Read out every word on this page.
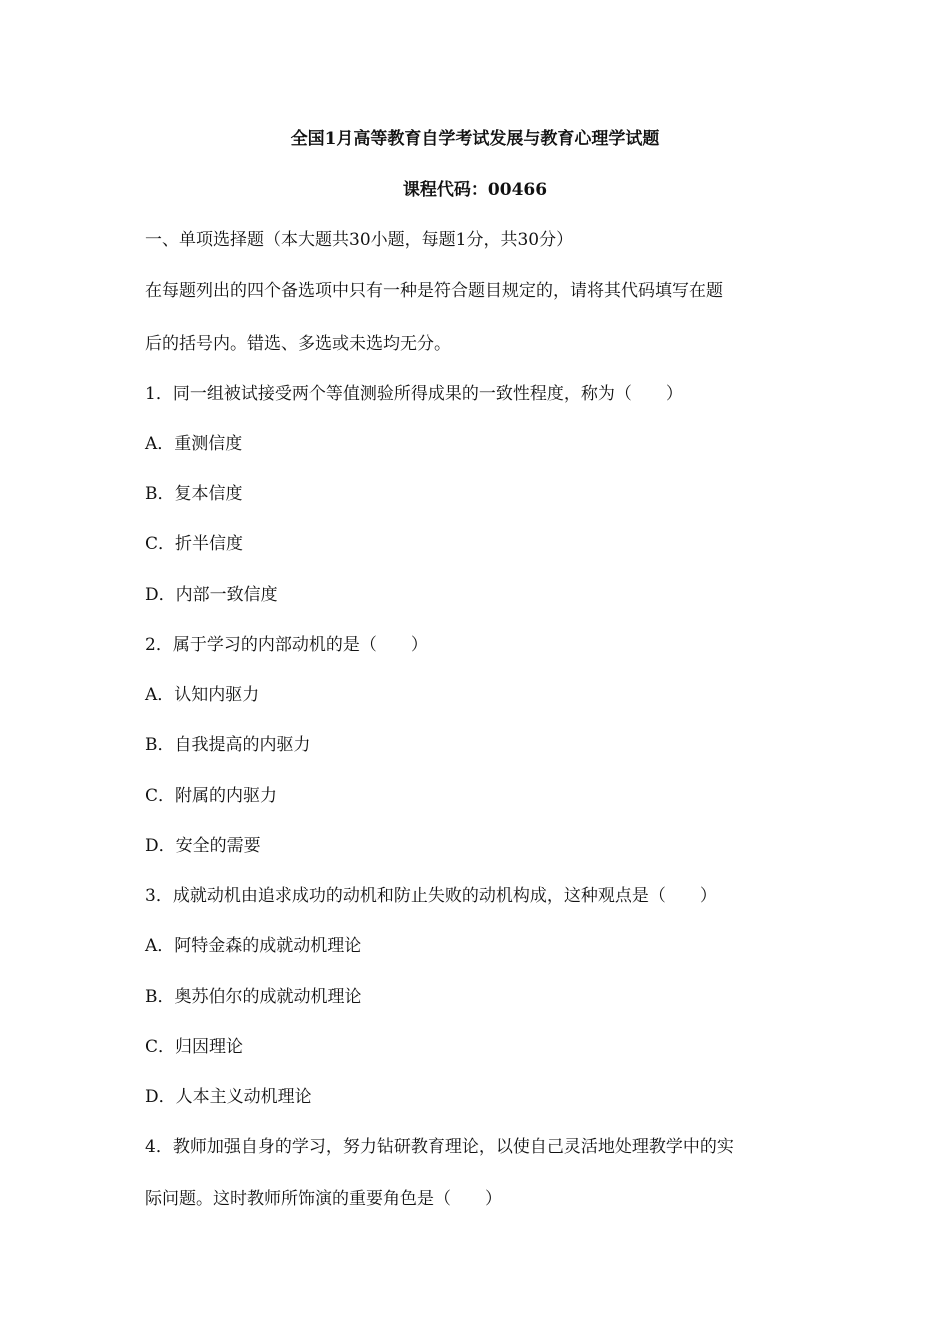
全国1月高等教育自学考试发展与教育心理学试题
课程代码：00466
一、单项选择题（本大题共30小题，每题1分，共30分）
在每题列出的四个备选项中只有一种是符合题目规定的，请将其代码填写在题
后的括号内。错选、多选或未选均无分。
1．同一组被试接受两个等值测验所得成果的一致性程度，称为（　　）
A．重测信度
B．复本信度
C．折半信度
D．内部一致信度
2．属于学习的内部动机的是（　　）
A．认知内驱力
B．自我提高的内驱力
C．附属的内驱力
D．安全的需要
3．成就动机由追求成功的动机和防止失败的动机构成，这种观点是（　　）
A．阿特金森的成就动机理论
B．奥苏伯尔的成就动机理论
C．归因理论
D．人本主义动机理论
4．教师加强自身的学习，努力钻研教育理论，以使自己灵活地处理教学中的实
际问题。这时教师所饰演的重要角色是（　　）
